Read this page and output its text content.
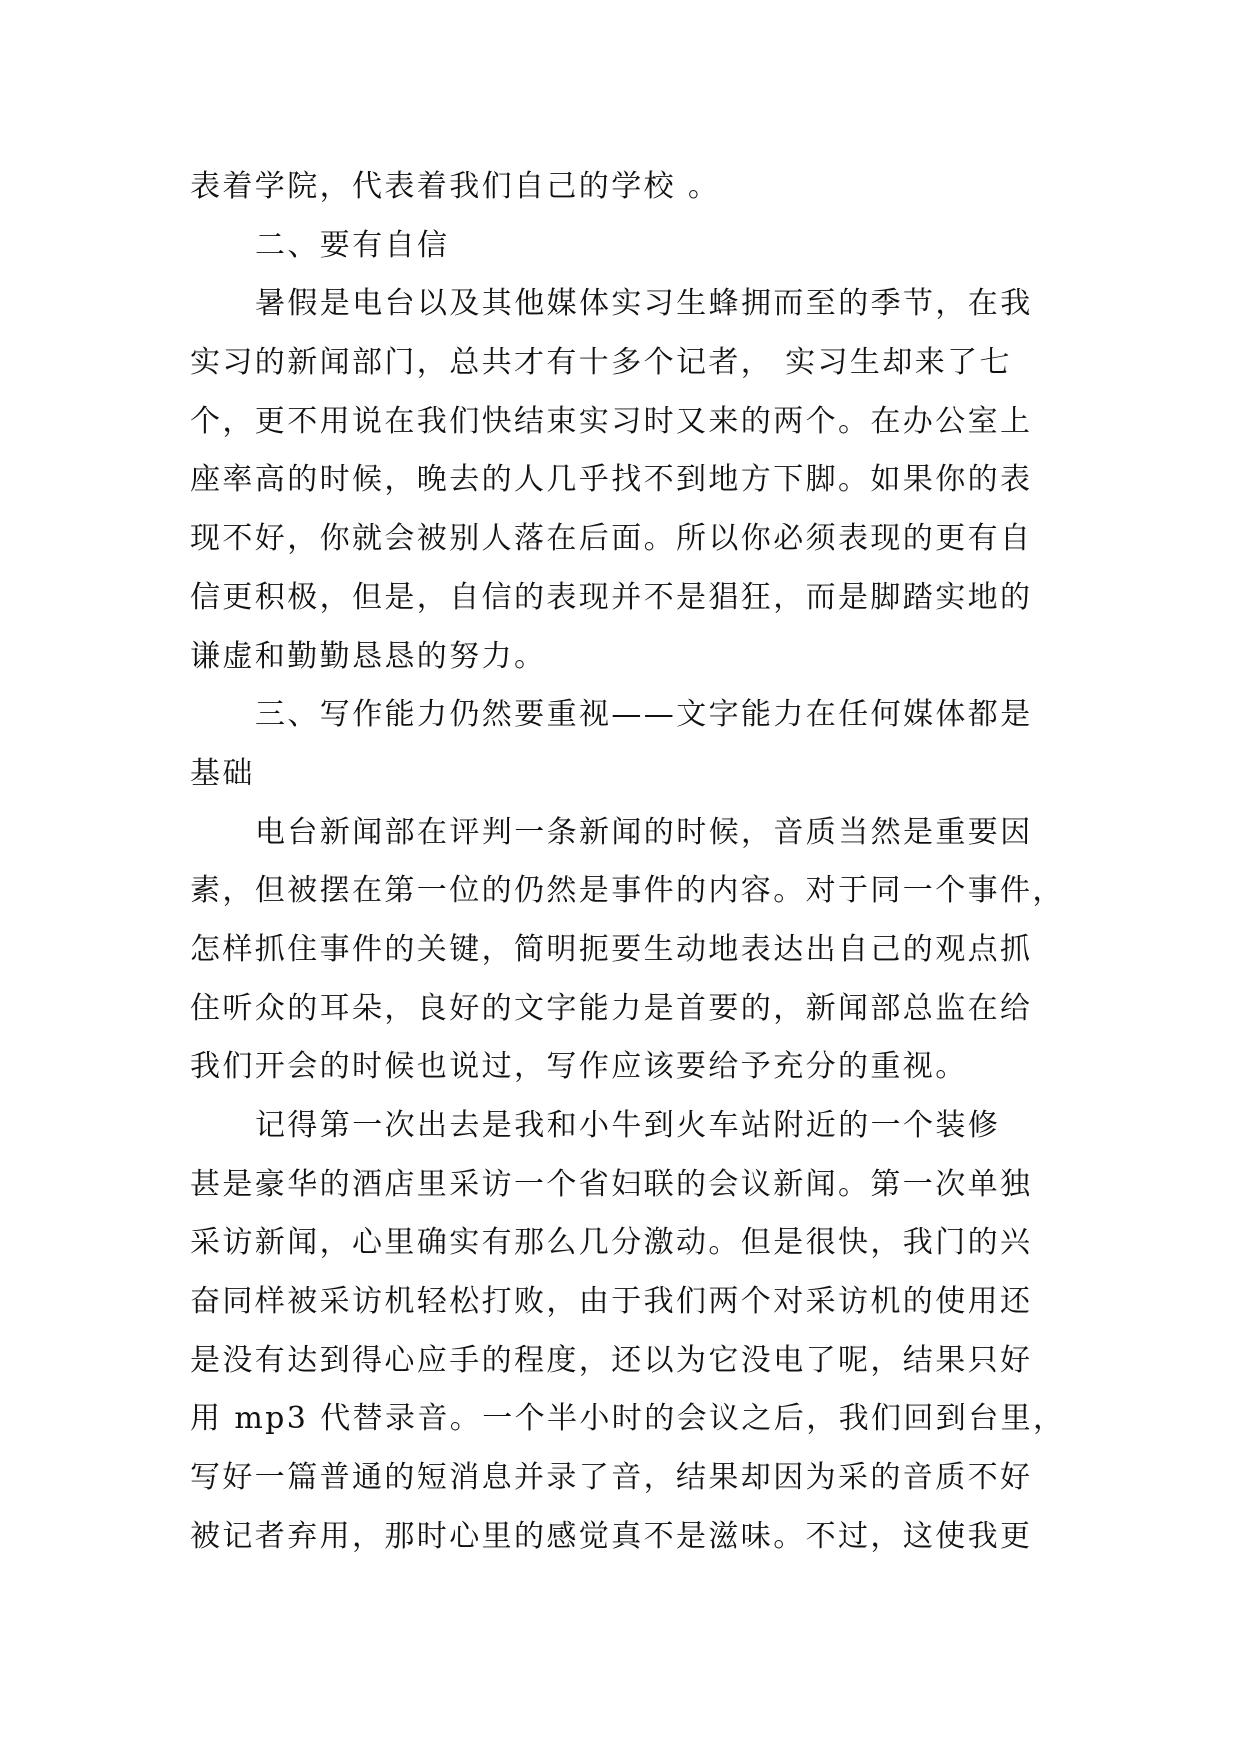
表着学院，代表着我们自己的学校 。
二、要有自信
暑假是电台以及其他媒体实习生蜂拥而至的季节，在我
实习的新闻部门，总共才有十多个记者， 实习生却来了七
个，更不用说在我们快结束实习时又来的两个。在办公室上
座率高的时候，晚去的人几乎找不到地方下脚。如果你的表
现不好，你就会被别人落在后面。所以你必须表现的更有自
信更积极，但是，自信的表现并不是猖狂，而是脚踏实地的
谦虚和勤勤恳恳的努力。
三、写作能力仍然要重视——文字能力在任何媒体都是
基础
电台新闻部在评判一条新闻的时候，音质当然是重要因
素，但被摆在第一位的仍然是事件的内容。对于同一个事件，
怎样抓住事件的关键，简明扼要生动地表达出自己的观点抓
住听众的耳朵，良好的文字能力是首要的，新闻部总监在给
我们开会的时候也说过，写作应该要给予充分的重视。
记得第一次出去是我和小牛到火车站附近的一个装修
甚是豪华的酒店里采访一个省妇联的会议新闻。第一次单独
采访新闻，心里确实有那么几分激动。但是很快，我门的兴
奋同样被采访机轻松打败，由于我们两个对采访机的使用还
是没有达到得心应手的程度，还以为它没电了呢，结果只好
用 mp3 代替录音。一个半小时的会议之后，我们回到台里，
写好一篇普通的短消息并录了音，结果却因为采的音质不好
被记者弃用，那时心里的感觉真不是滋味。不过，这使我更
